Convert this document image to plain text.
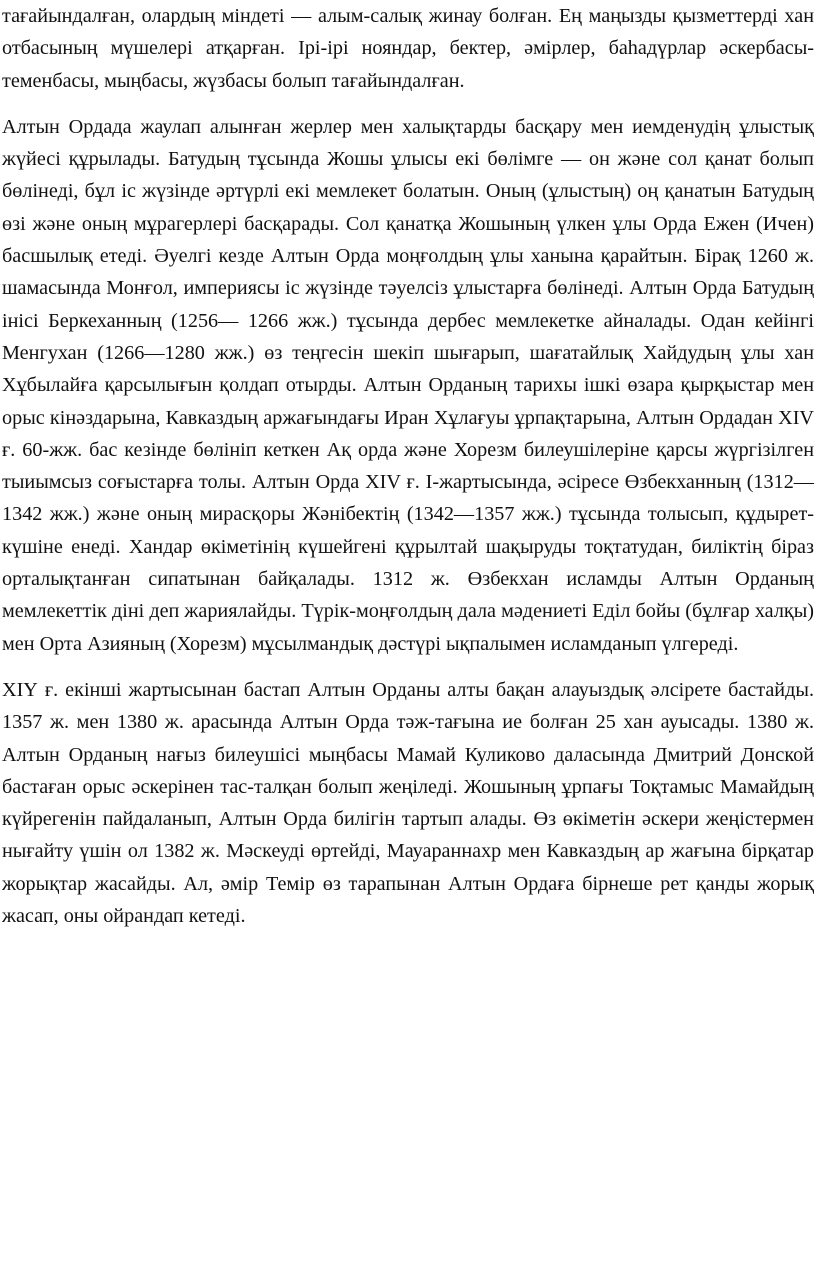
тағайындалған, олардың міндеті — алым-салық жинау болған. Ең маңызды қызметтерді хан отбасының мүшелері атқарған. Ірі-ірі нояндар, бектер, әмірлер, баһадүрлар әскербасы-теменбасы, мыңбасы, жүзбасы болып тағайындалған.

Алтын Ордада жаулап алынған жерлер мен халықтарды басқару мен иемденудің ұлыстық жүйесі құрылады. Батудың тұсында Жошы ұлысы екі бөлімге — он және сол қанат болып бөлінеді, бұл іс жүзінде әртүрлі екі мемлекет болатын. Оның (ұлыстың) оң қанатын Батудың өзі және оның мұрагерлері басқарады. Сол қанатқа Жошының үлкен ұлы Орда Ежен (Ичен) басшылық етеді. Әуелгі кезде Алтын Орда моңғолдың ұлы ханына қарайтын. Бірақ 1260 ж. шамасында Монғол, империясы іс жүзінде тәуелсіз ұлыстарға бөлінеді. Алтын Орда Батудың інісі Беркеханның (1256— 1266 жж.) тұсында дербес мемлекетке айналады. Одан кейінгі Менгухан (1266—1280 жж.) өз теңгесін шекіп шығарып, шағатайлық Хайдудың ұлы хан Хұбылайға қарсылығын қолдап отырды. Алтын Орданың тарихы ішкі өзара қырқыстар мен орыс кінәздарына, Кавказдың аржағындағы Иран Хұлағуы ұрпақтарына, Алтын Ордадан XIV ғ. 60-жж. бас кезінде бөлініп кеткен Ақ орда және Хорезм билеушілеріне қарсы жүргізілген тыиымсыз соғыстарға толы. Алтын Орда XIV ғ. І-жартысында, әсіресе Өзбекханның (1312—1342 жж.) және оның мирасқоры Жәнібектің (1342—1357 жж.) тұсында толысып, құдырет-күшіне енеді. Хандар өкіметінің күшейгені құрылтай шақыруды тоқтатудан, биліктің біраз орталықтанған сипатынан байқалады. 1312 ж. Өзбекхан исламды Алтын Орданың мемлекеттік діні деп жариялайды. Түрік-моңғолдың дала мәдениеті Еділ бойы (бұлғар халқы) мен Орта Азияның (Хорезм) мұсылмандық дәстүрі ықпалымен исламданып үлгереді.

ХІҮ ғ. екінші жартысынан бастап Алтын Орданы алты бақан алауыздық әлсірете бастайды. 1357 ж. мен 1380 ж. арасында Алтын Орда тәж-тағына ие болған 25 хан ауысады. 1380 ж. Алтын Орданың нағыз билеушісі мыңбасы Мамай Куликово даласында Дмитрий Донской бастаған орыс әскерінен тас-талқан болып жеңіледі. Жошының ұрпағы Тоқтамыс Мамайдың күйрегенін пайдаланып, Алтын Орда билігін тартып алады. Өз өкіметін әскери жеңістермен нығайту үшін ол 1382 ж. Мәскеуді өртейді, Мауараннахр мен Кавказдың ар жағына бірқатар жорықтар жасайды. Ал, әмір Темір өз тарапынан Алтын Ордаға бірнеше рет қанды жорық жасап, оны ойрандап кетеді.
